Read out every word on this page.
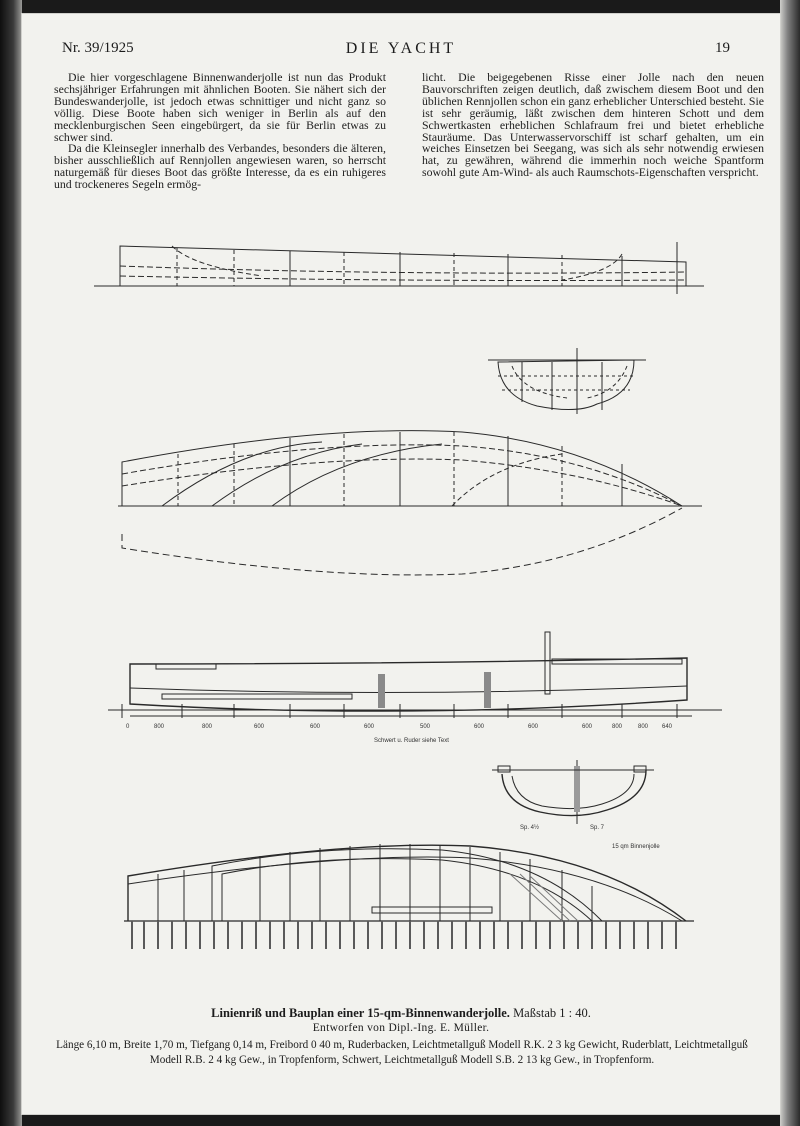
Nr. 39/1925	DIE YACHT	19

Die hier vorgeschlagene Binnenwanderjolle ist nun das Produkt sechsjähriger Erfahrungen mit ähnlichen Booten. Sie nähert sich der Bundeswanderjolle, ist jedoch etwas schnittiger und nicht ganz so völlig. Diese Boote haben sich weniger in Berlin als auf den mecklenburgischen Seen eingebürgert, da sie für Berlin etwas zu schwer sind.

Da die Kleinsegler innerhalb des Verbandes, besonders die älteren, bisher ausschließlich auf Rennjollen angewiesen waren, so herrscht naturgemäß für dieses Boot das größte Interesse, da es ein ruhigeres und trockeneres Segeln ermög-

licht. Die beigegebenen Risse einer Jolle nach den neuen Bauvorschriften zeigen deutlich, daß zwischem diesem Boot und den üblichen Rennjollen schon ein ganz erheblicher Unterschied besteht. Sie ist sehr geräumig, läßt zwischen dem hinteren Schott und dem Schwertkasten erheblichen Schlafraum frei und bietet erhebliche Stauräume. Das Unterwasservorschiff ist scharf gehalten, um ein weiches Einsetzen bei Seegang, was sich als sehr notwendig erwiesen hat, zu gewähren, während die immerhin noch weiche Spantform sowohl gute Am-Wind- als auch Raumschots-Eigenschaften verspricht.

0	800	800	600	600	600	500	600	600	600	800	800 640
Schwert u. Ruder siehe Text
Sp. 4½	Sp. 7
15 qm Binnenjolle
Linienriß und Bauplan einer 15-qm-Binnenwanderjolle. Maßstab 1 : 40.
Entworfen von Dipl.-Ing. E. Müller.
Länge 6,10 m, Breite 1,70 m, Tiefgang 0,14 m, Freibord 0 40 m, Ruderbacken, Leichtmetallguß Modell R.K. 2 3 kg Gewicht, Ruderblatt, Leichtmetallguß Modell R.B. 2 4 kg Gew., in Tropfenform, Schwert, Leichtmetallguß Modell S.B. 2 13 kg Gew., in Tropfenform.
